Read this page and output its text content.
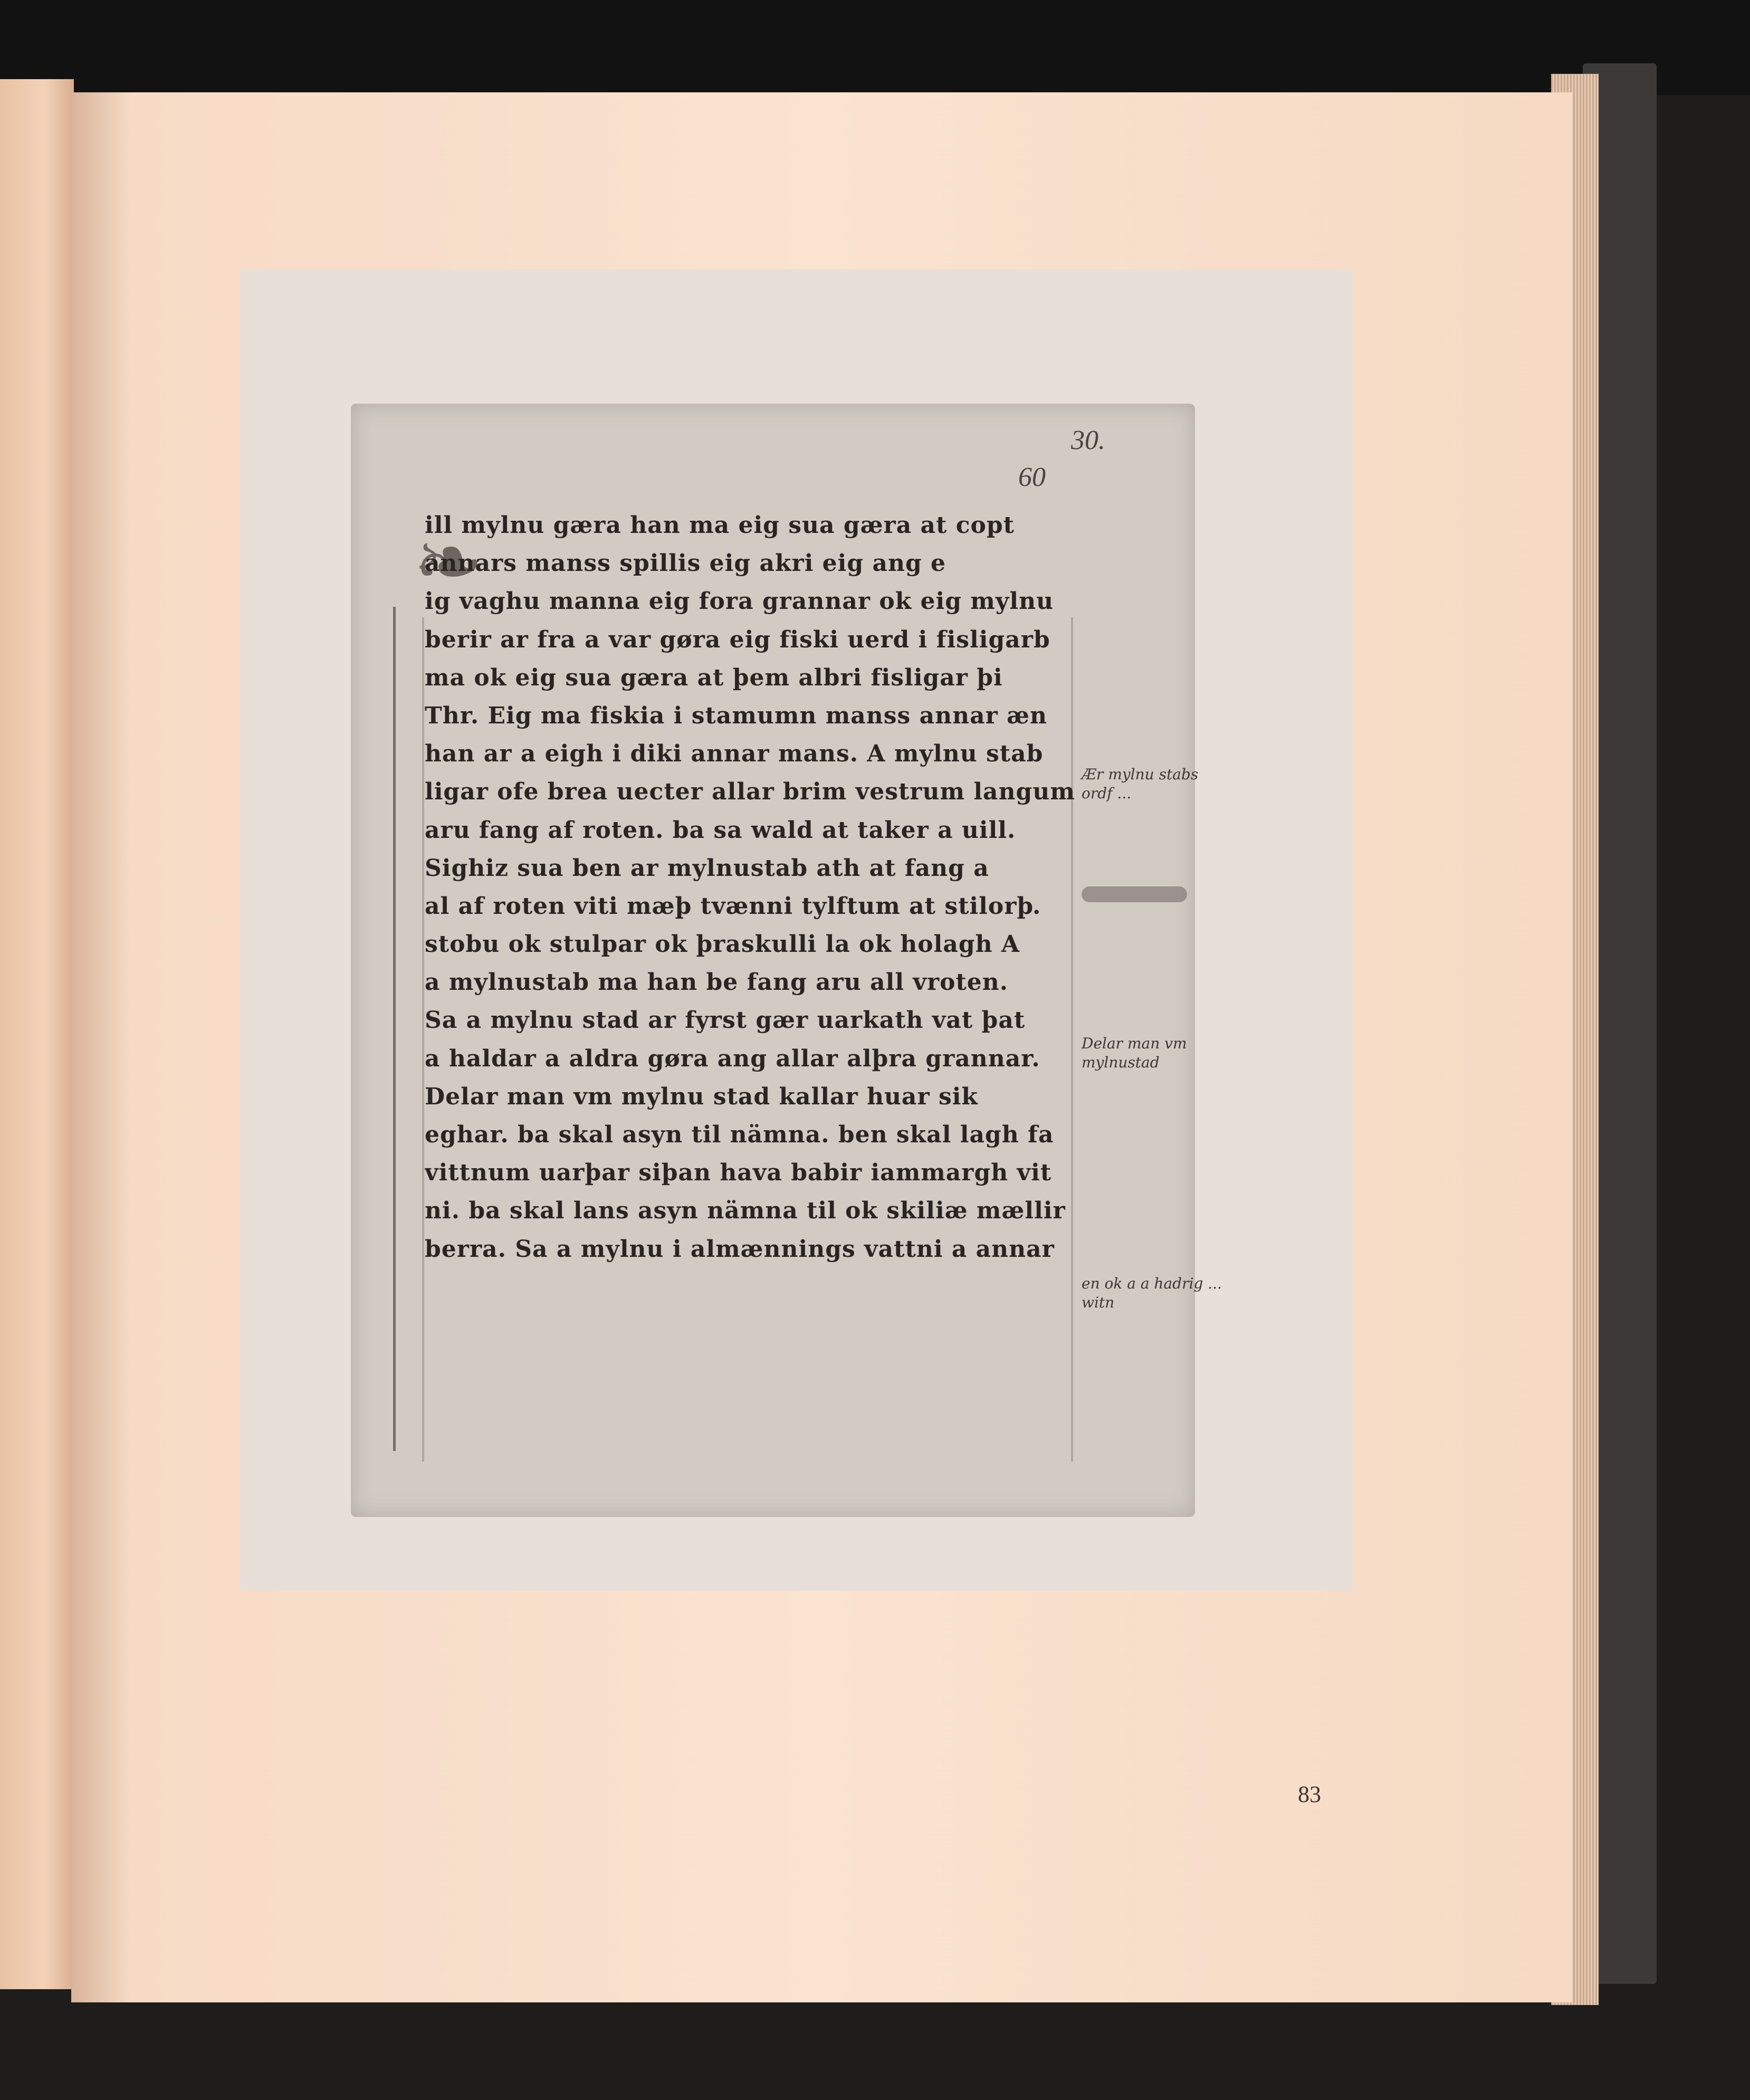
30.
60
❧
ill mylnu gæra han ma eig sua gæra at copt
annars manss spillis eig akri eig ang e
ig vaghu manna eig fora grannar ok eig mylnu
berir ar fra a var gøra eig fiski uerd i fisligarb
ma ok eig sua gæra at þem albri fisligar þi
Thr. Eig ma fiskia i stamumn manss annar æn
han ar a eigh i diki annar mans. A mylnu stab
ligar ofe brea uecter allar brim vestrum langum
aru fang af roten. ba sa wald at taker a uill.
Sighiz sua ben ar mylnustab ath at fang a
al af roten viti mæþ tvænni tylftum at stilorþ.
stobu ok stulpar ok þraskulli la ok holagh A
a mylnustab ma han be fang aru all vroten.
Sa a mylnu stad ar fyrst gær uarkath vat þat
a haldar a aldra gøra ang allar alþra grannar.
Delar man vm mylnu stad kallar huar sik
eghar. ba skal asyn til nämna. ben skal lagh fa
vittnum uarþar siþan hava babir iammargh vit
ni. ba skal lans asyn nämna til ok skiliæ mællir
berra. Sa a mylnu i almænnings vattni a annar
Ær mylnu stabs ordf ...
Delar man vm mylnustad
en ok a a hadrig ... witn
83
